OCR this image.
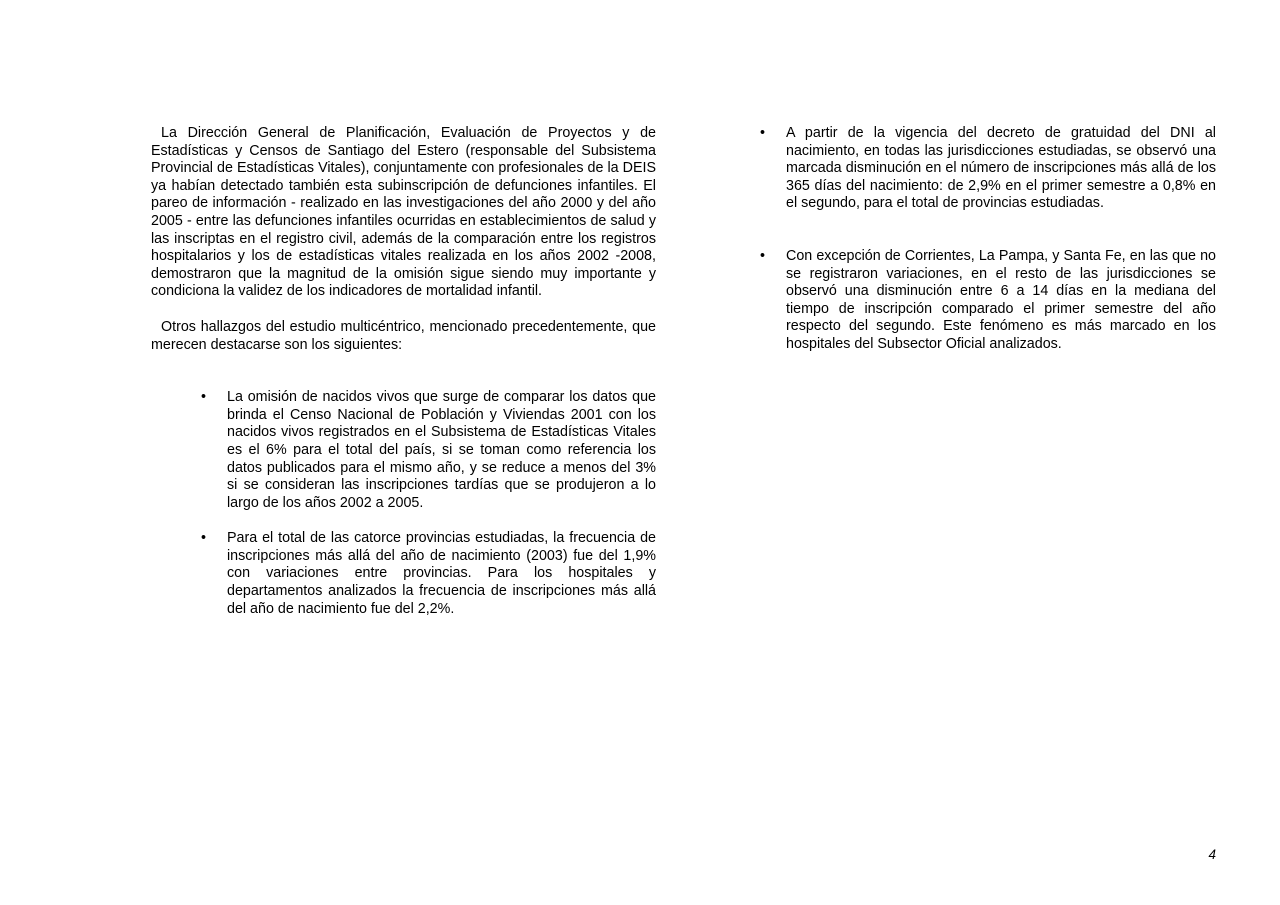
La Dirección General de Planificación, Evaluación de Proyectos y de Estadísticas y Censos de Santiago del Estero (responsable del Subsistema Provincial de Estadísticas Vitales), conjuntamente con profesionales de la DEIS ya habían detectado también esta subinscripción de defunciones infantiles. El pareo de información - realizado en las investigaciones del año 2000 y del año 2005 - entre las defunciones infantiles ocurridas en establecimientos de salud y las inscriptas en el registro civil, además de la comparación entre los registros hospitalarios y los de estadísticas vitales realizada en los años 2002 -2008, demostraron que la magnitud de la omisión sigue siendo muy importante y condiciona la validez de los indicadores de mortalidad infantil.

Otros hallazgos del estudio multicéntrico, mencionado precedentemente, que merecen destacarse son los siguientes:

•	La omisión de nacidos vivos que surge de comparar los datos que brinda el Censo Nacional de Población y Viviendas 2001 con los nacidos vivos registrados en el Subsistema de Estadísticas Vitales es el 6% para el total del país, si se toman como referencia los datos publicados para el mismo año, y se reduce a menos del 3% si se consideran las inscripciones tardías que se produjeron a lo largo de los años 2002 a 2005.
•	Para el total de las catorce provincias estudiadas, la frecuencia de inscripciones más allá del año de nacimiento (2003) fue del 1,9% con variaciones entre provincias. Para los hospitales y departamentos analizados la frecuencia de inscripciones más allá del año de nacimiento fue del 2,2%.
•	A partir de la vigencia del decreto de gratuidad del DNI al nacimiento, en todas las jurisdicciones estudiadas, se observó una marcada disminución en el número de inscripciones más allá de los 365 días del nacimiento: de 2,9% en el primer semestre a 0,8% en el segundo, para el total de provincias estudiadas.
•	Con excepción de Corrientes, La Pampa, y Santa Fe, en las que no se registraron variaciones, en el resto de las jurisdicciones se observó una disminución entre 6 a 14 días en la mediana del tiempo de inscripción comparado el primer semestre del año respecto del segundo. Este fenómeno es más marcado en los hospitales del Subsector Oficial analizados.
4
